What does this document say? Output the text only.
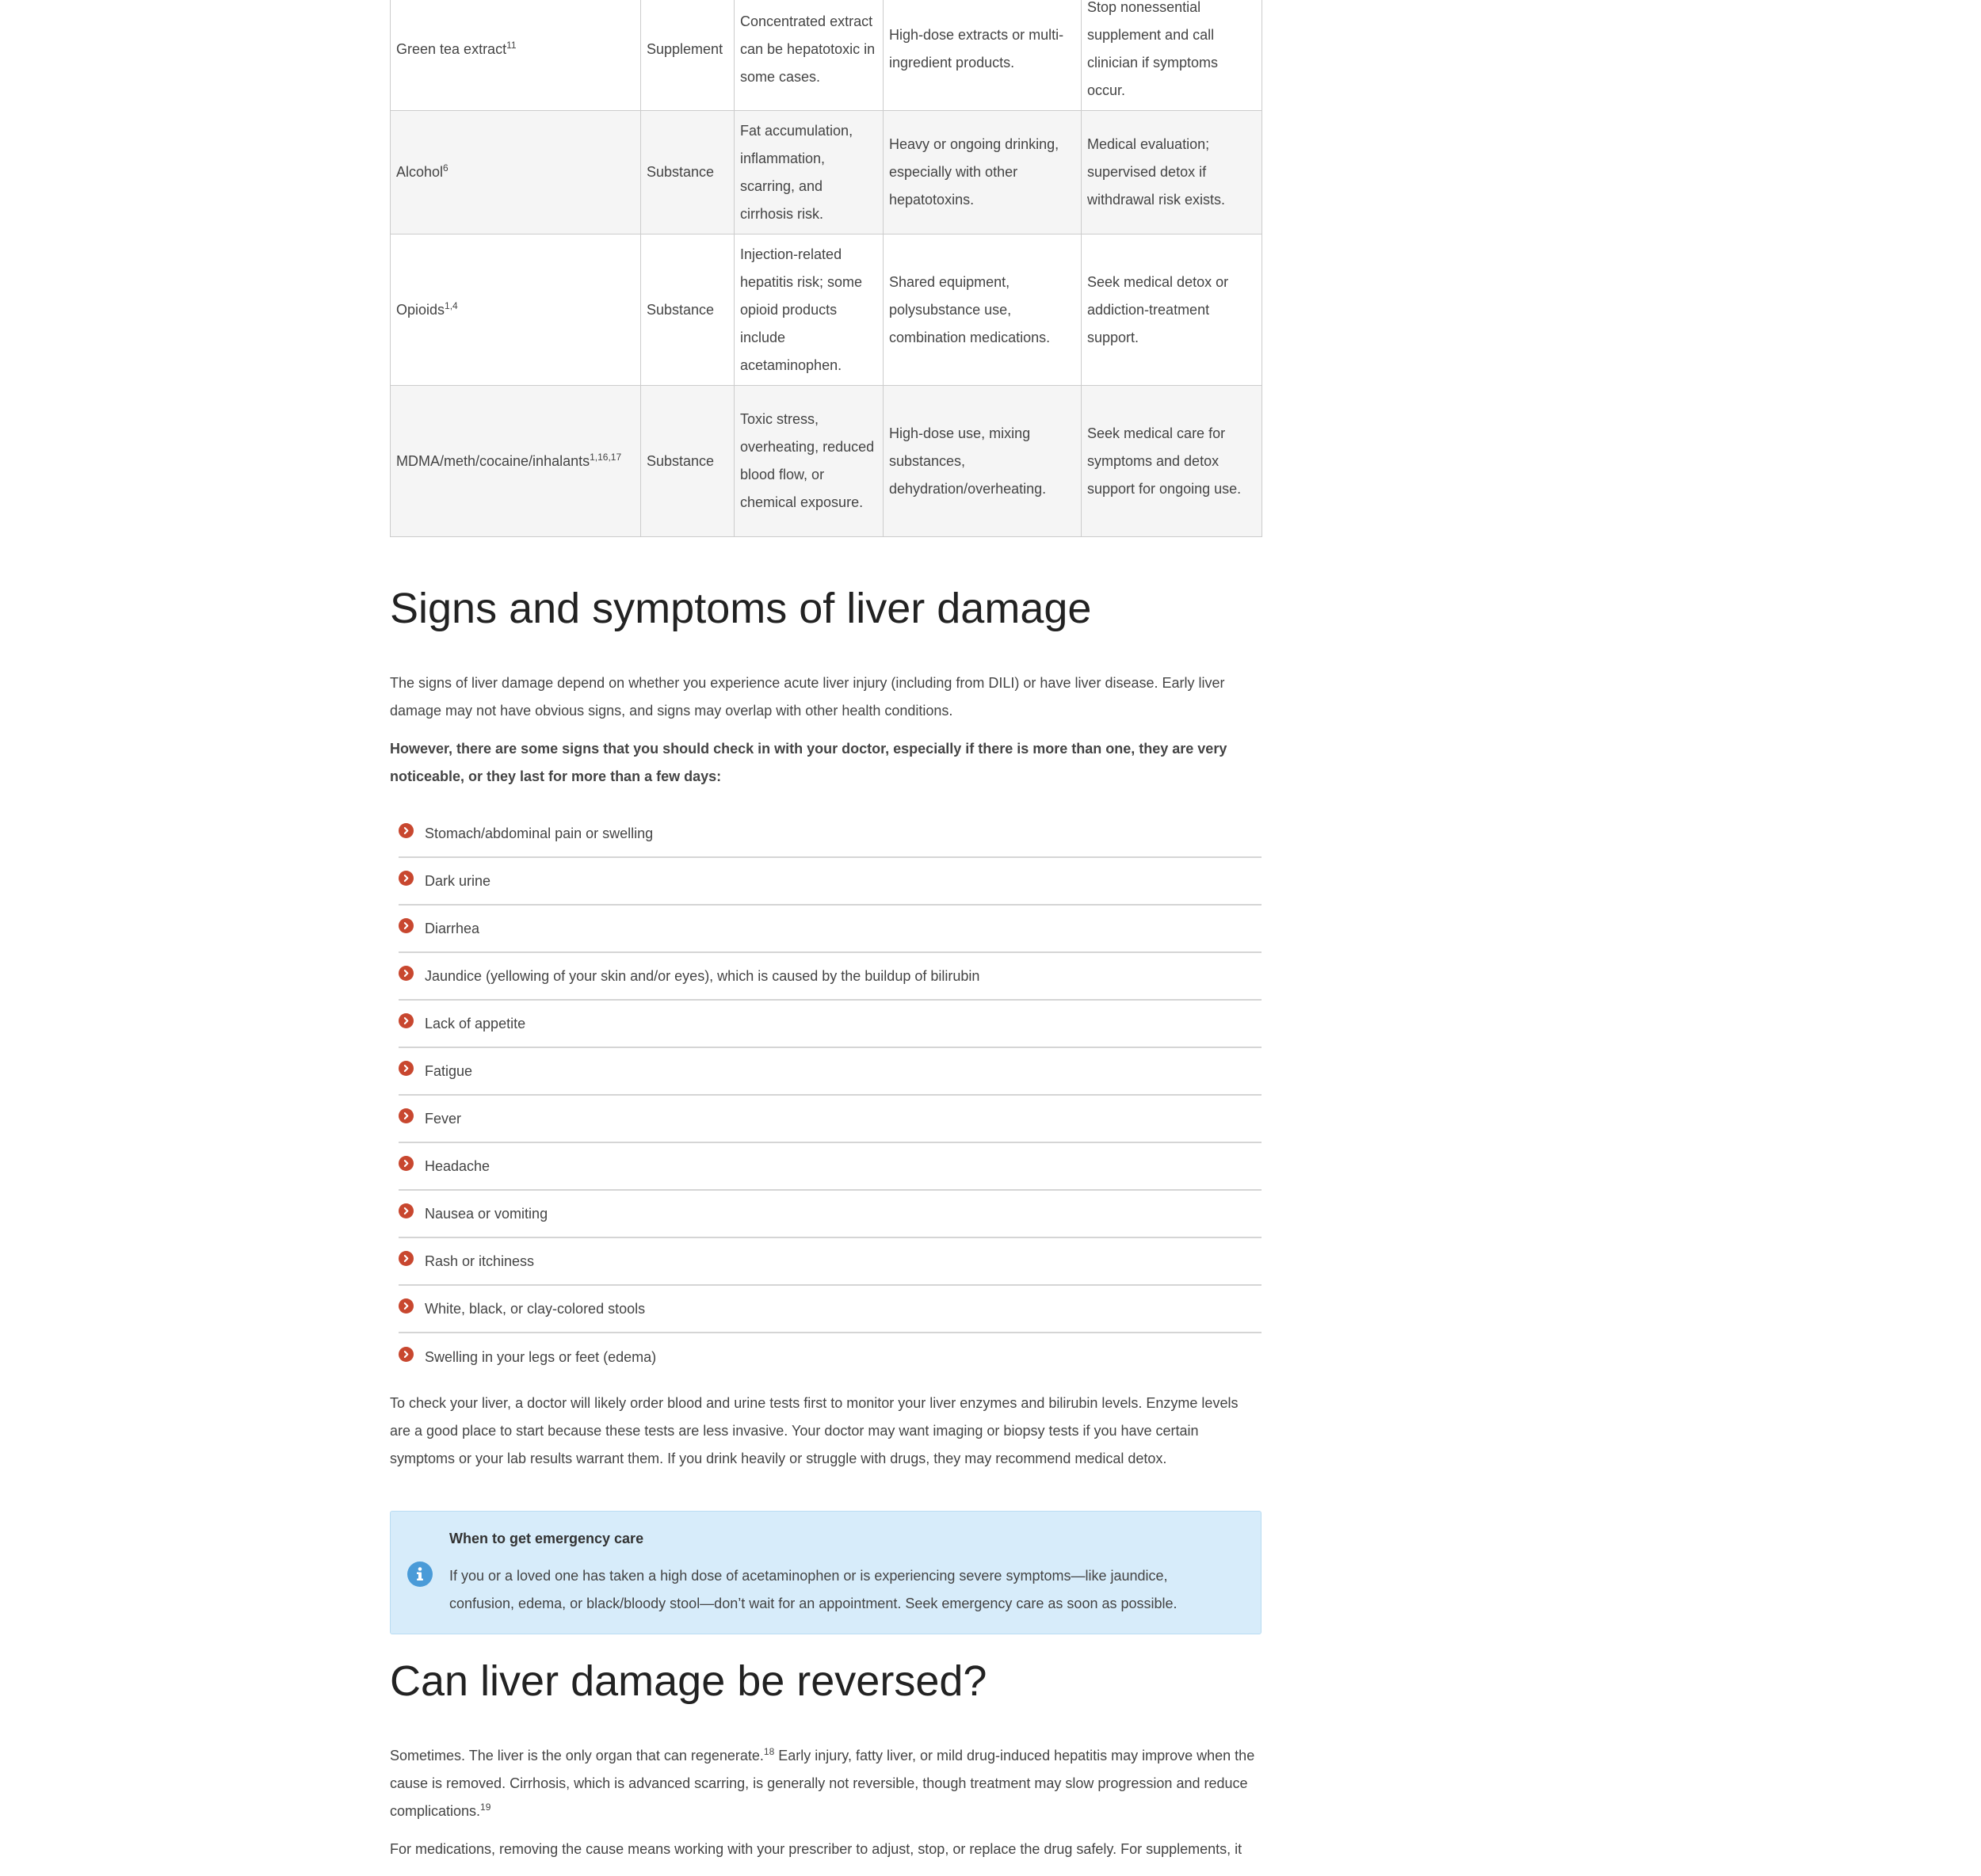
Green tea extract$^{11}$	Supplement	Concentrated extract can be hepatotoxic in some cases.	High-dose extracts or multi-ingredient products.	Stop nonessential supplement and call clinician if symptoms occur.
Alcohol$^6$	Substance	Fat accumulation, inflammation, scarring, and cirrhosis risk.	Heavy or ongoing drinking, especially with other hepatotoxins.	Medical evaluation; supervised detox if withdrawal risk exists.
Opioids$^{1,4}$	Substance	Injection-related hepatitis risk; some opioid products include acetaminophen.	Shared equipment, polysubstance use, combination medications.	Seek medical detox or addiction-treatment support.
MDMA/meth/cocaine/inhalants$^{1,16,17}$	Substance	Toxic stress, overheating, reduced blood flow, or chemical exposure.	High-dose use, mixing substances, dehydration/overheating.	Seek medical care for symptoms and detox support for ongoing use.
Signs and symptoms of liver damage

The signs of liver damage depend on whether you experience acute liver injury (including from DILI) or have liver disease. Early liver damage may not have obvious signs, and signs may overlap with other health conditions.

However, there are some signs that you should check in with your doctor, especially if there is more than one, they are very noticeable, or they last for more than a few days:

Stomach/abdominal pain or swelling
Dark urine
Diarrhea
Jaundice (yellowing of your skin and/or eyes), which is caused by the buildup of bilirubin
Lack of appetite
Fatigue
Fever
Headache
Nausea or vomiting
Rash or itchiness
White, black, or clay-colored stools
Swelling in your legs or feet (edema)

To check your liver, a doctor will likely order blood and urine tests first to monitor your liver enzymes and bilirubin levels. Enzyme levels are a good place to start because these tests are less invasive. Your doctor may want imaging or biopsy tests if you have certain symptoms or your lab results warrant them. If you drink heavily or struggle with drugs, they may recommend medical detox.

When to get emergency care
If you or a loved one has taken a high dose of acetaminophen or is experiencing severe symptoms—like jaundice, confusion, edema, or black/bloody stool—don’t wait for an appointment. Seek emergency care as soon as possible.
Can liver damage be reversed?

Sometimes. The liver is the only organ that can regenerate.$^{18}$ Early injury, fatty liver, or mild drug-induced hepatitis may improve when the cause is removed. Cirrhosis, which is advanced scarring, is generally not reversible, though treatment may slow progression and reduce complications.$^{19}$

For medications, removing the cause means working with your prescriber to adjust, stop, or replace the drug safely. For supplements, it
